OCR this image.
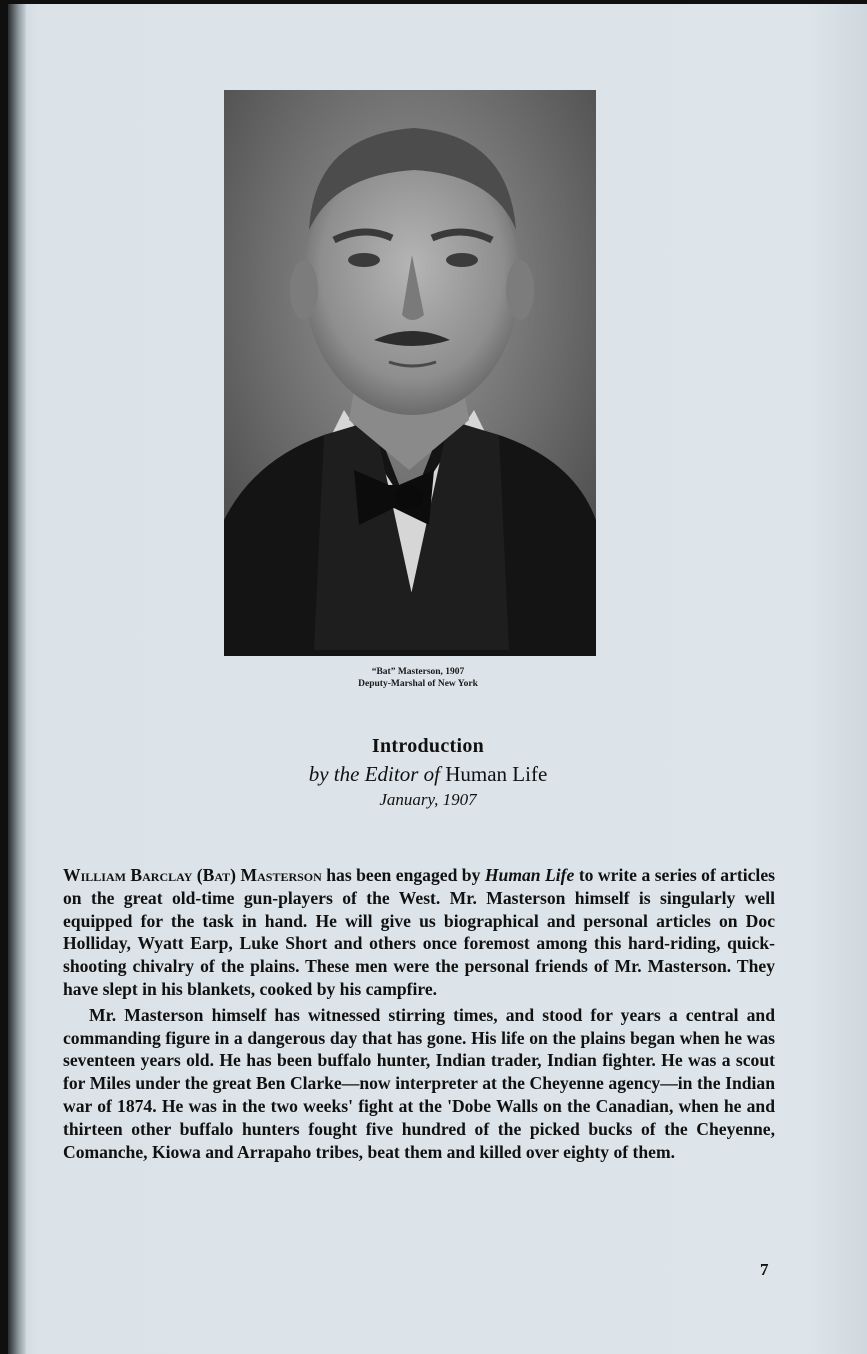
“Bat” Masterson, 1907
Deputy-Marshal of New York
Introduction
by the Editor of Human Life
January, 1907

William Barclay (Bat) Masterson has been engaged by Human Life to write a series of articles on the great old-time gun-players of the West. Mr. Masterson himself is singularly well equipped for the task in hand. He will give us biographical and personal articles on Doc Holliday, Wyatt Earp, Luke Short and others once foremost among this hard-riding, quick-shooting chivalry of the plains. These men were the personal friends of Mr. Masterson. They have slept in his blankets, cooked by his campfire.

Mr. Masterson himself has witnessed stirring times, and stood for years a central and commanding figure in a dangerous day that has gone. His life on the plains began when he was seventeen years old. He has been buffalo hunter, Indian trader, Indian fighter. He was a scout for Miles under the great Ben Clarke—now interpreter at the Cheyenne agency—in the Indian war of 1874. He was in the two weeks' fight at the 'Dobe Walls on the Canadian, when he and thirteen other buffalo hunters fought five hundred of the picked bucks of the Cheyenne, Comanche, Kiowa and Arrapaho tribes, beat them and killed over eighty of them.

7
